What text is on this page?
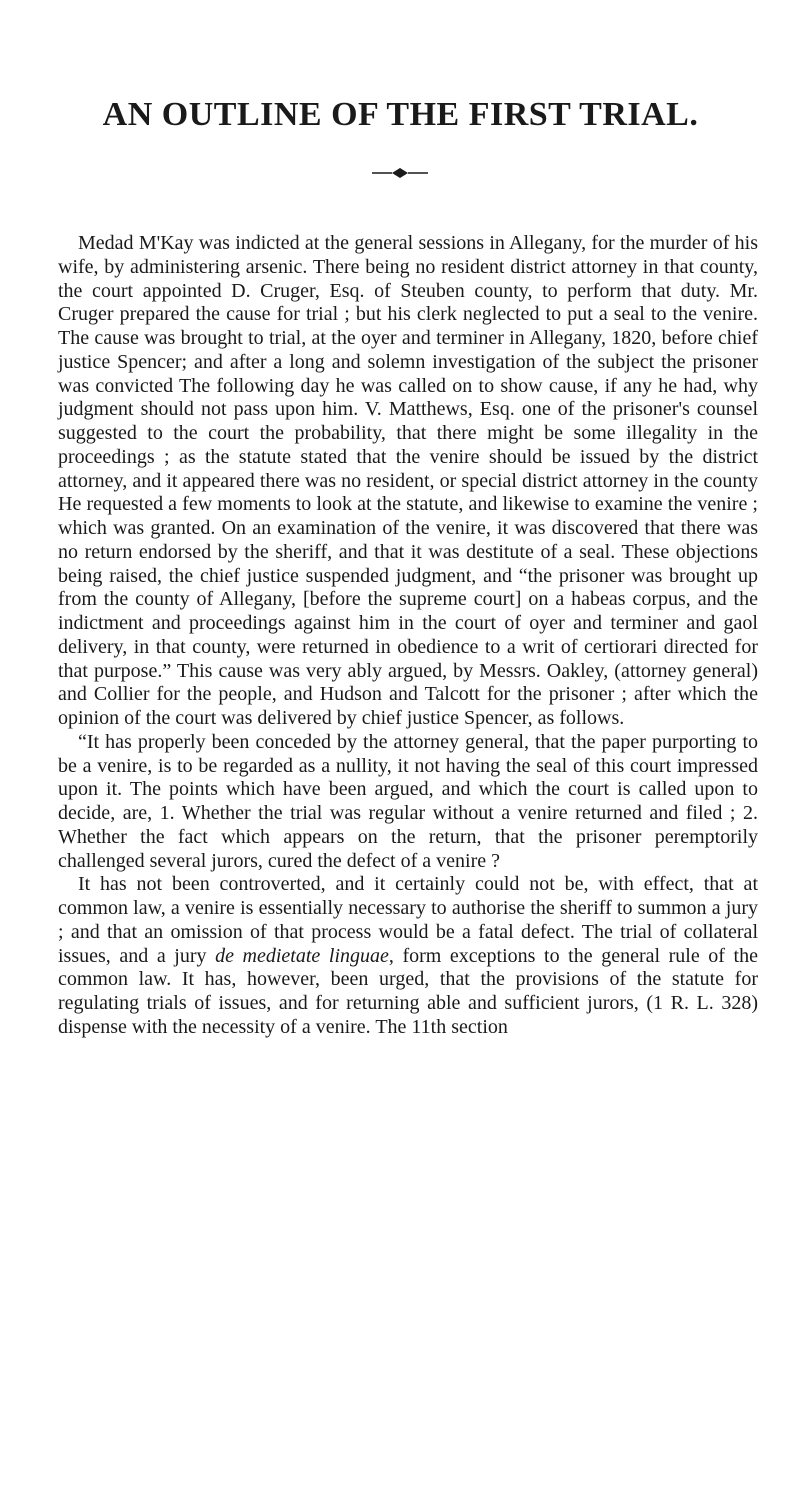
AN OUTLINE OF THE FIRST TRIAL.

Medad M'Kay was indicted at the general sessions in Allegany, for the murder of his wife, by administering arsenic. There being no resident district attorney in that county, the court appointed D. Cruger, Esq. of Steuben county, to perform that duty. Mr. Cruger prepared the cause for trial ; but his clerk neglected to put a seal to the venire. The cause was brought to trial, at the oyer and terminer in Allegany, 1820, before chief justice Spencer; and after a long and solemn investigation of the subject the prisoner was convicted The following day he was called on to show cause, if any he had, why judgment should not pass upon him. V. Matthews, Esq. one of the prisoner's counsel suggested to the court the probability, that there might be some illegality in the proceedings ; as the statute stated that the venire should be issued by the district attorney, and it appeared there was no resident, or special district attorney in the county He requested a few moments to look at the statute, and likewise to examine the venire ; which was granted. On an examination of the venire, it was discovered that there was no return endorsed by the sheriff, and that it was destitute of a seal. These objections being raised, the chief justice suspended judgment, and “the prisoner was brought up from the county of Allegany, [before the supreme court] on a habeas corpus, and the indictment and proceedings against him in the court of oyer and terminer and gaol delivery, in that county, were returned in obedience to a writ of certiorari directed for that purpose.” This cause was very ably argued, by Messrs. Oakley, (attorney general) and Collier for the people, and Hudson and Talcott for the prisoner ; after which the opinion of the court was delivered by chief justice Spencer, as follows.

“It has properly been conceded by the attorney general, that the paper purporting to be a venire, is to be regarded as a nullity, it not having the seal of this court impressed upon it. The points which have been argued, and which the court is called upon to decide, are, 1. Whether the trial was regular without a venire returned and filed ; 2. Whether the fact which appears on the return, that the prisoner peremptorily challenged several jurors, cured the defect of a venire ?

It has not been controverted, and it certainly could not be, with effect, that at common law, a venire is essentially necessary to authorise the sheriff to summon a jury ; and that an omission of that process would be a fatal defect. The trial of collateral issues, and a jury de medietate linguae, form exceptions to the general rule of the common law. It has, however, been urged, that the provisions of the statute for regulating trials of issues, and for returning able and sufficient jurors, (1 R. L. 328) dispense with the necessity of a venire. The 11th section
